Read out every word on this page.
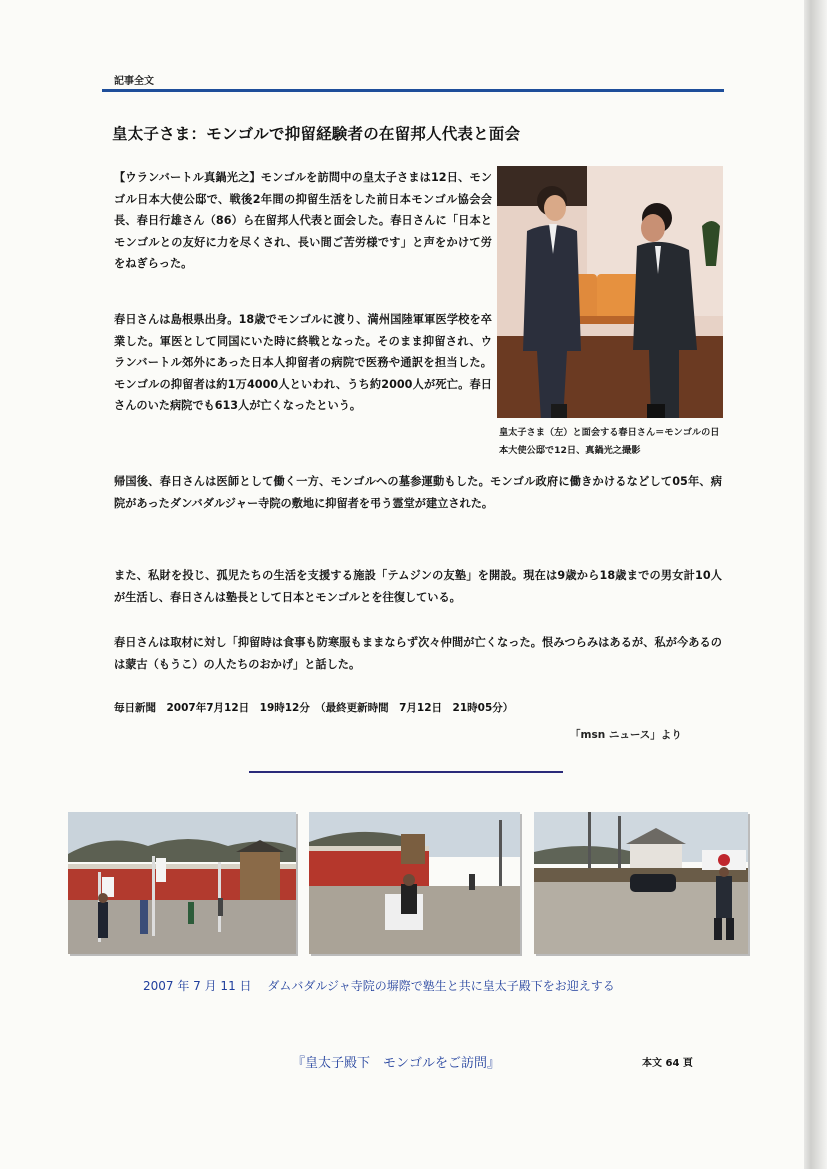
記事全文
皇太子さま：モンゴルで抑留経験者の在留邦人代表と面会

【ウランバートル真鍋光之】モンゴルを訪問中の皇太子さまは12日、モンゴル日本大使公邸で、戦後2年間の抑留生活をした前日本モンゴル協会会長、春日行雄さん（86）ら在留邦人代表と面会した。春日さんに「日本とモンゴルとの友好に力を尽くされ、長い間ご苦労様です」と声をかけて労をねぎらった。

春日さんは島根県出身。18歳でモンゴルに渡り、満州国陸軍軍医学校を卒業した。軍医として同国にいた時に終戦となった。そのまま抑留され、ウランバートル郊外にあった日本人抑留者の病院で医務や通訳を担当した。モンゴルの抑留者は約1万4000人といわれ、うち約2000人が死亡。春日さんのいた病院でも613人が亡くなったという。

帰国後、春日さんは医師として働く一方、モンゴルへの墓参運動もした。モンゴル政府に働きかけるなどして05年、病院があったダンバダルジャー寺院の敷地に抑留者を弔う霊堂が建立された。

また、私財を投じ、孤児たちの生活を支援する施設「テムジンの友塾」を開設。現在は9歳から18歳までの男女計10人が生活し、春日さんは塾長として日本とモンゴルとを往復している。

春日さんは取材に対し「抑留時は食事も防寒服もままならず次々仲間が亡くなった。恨みつらみはあるが、私が今あるのは蒙古（もうこ）の人たちのおかげ」と話した。

皇太子さま（左）と面会する春日さん＝モンゴルの日本大使公邸で12日、真鍋光之撮影
毎日新聞　2007年7月12日　19時12分　（最終更新時間　7月12日　21時05分）
「msn ニュース」より
2007 年 7 月 11 日　 ダムバダルジャ寺院の塀際で塾生と共に皇太子殿下をお迎えする
『皇太子殿下　モンゴルをご訪問』	本文 64 頁
